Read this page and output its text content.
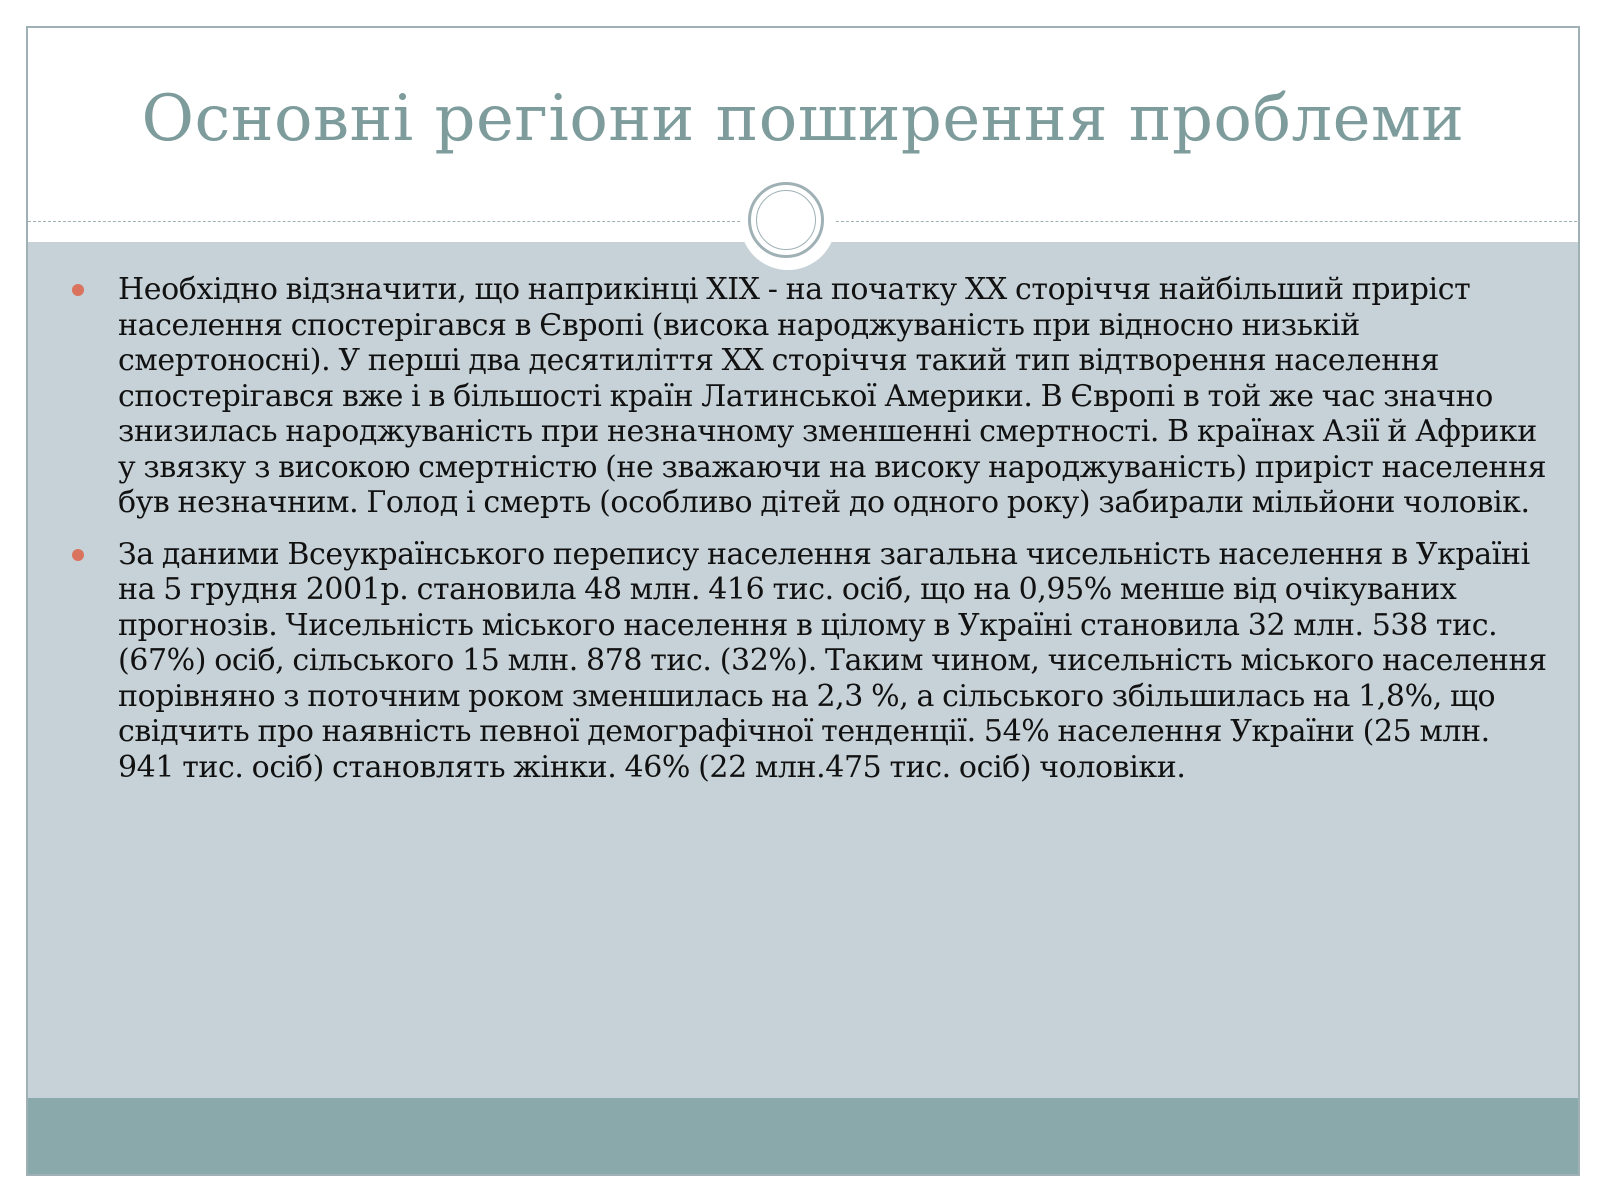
Основні регіони поширення проблеми
Необхідно відзначити, що наприкінці XIX - на початку XX сторіччя найбільший приріст населення спостерігався в Європі (висока народжуваність при відносно низькій смертоносні). У перші два десятиліття XX сторіччя такий тип відтворення населення спостерігався вже і в більшості країн Латинської Америки. В Європі в той же час значно знизилась народжуваність при незначному зменшенні смертності. В країнах Азії й Африки у звязку з високою смертністю (не зважаючи на високу народжуваність) приріст населення був незначним. Голод і смерть (особливо дітей до одного року) забирали мільйони чоловік.
За даними Всеукраїнського перепису населення загальна чисельність населення в Україні на 5 грудня 2001р. становила 48 млн. 416 тис. осіб, що на 0,95% менше від очікуваних прогнозів. Чисельність міського населення в цілому в Україні становила 32 млн. 538 тис. (67%) осіб, сільського 15 млн. 878 тис. (32%). Таким чином, чисельність міського населення порівняно з поточним роком зменшилась на 2,3 %, а сільського збільшилась на 1,8%, що свідчить про наявність певної демографічної тенденції. 54% населення України (25 млн. 941 тис. осіб) становлять жінки. 46% (22 млн.475 тис. осіб) чоловіки.
